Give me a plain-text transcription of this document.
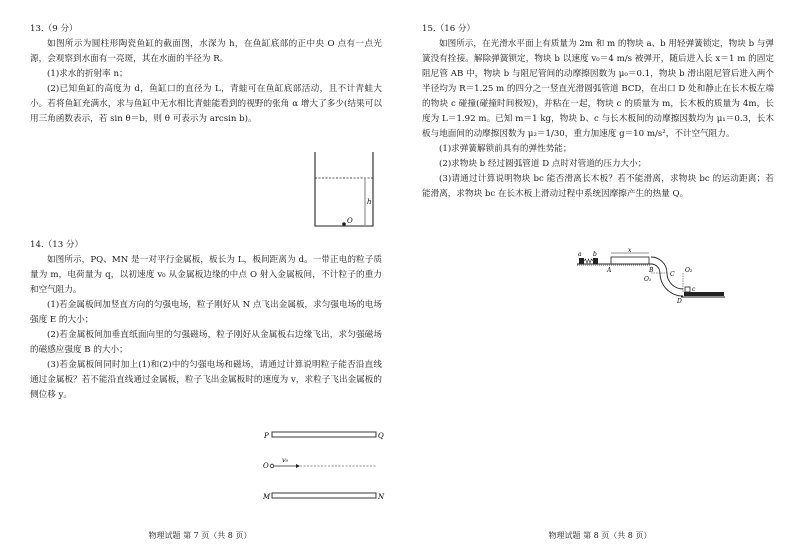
13.（9 分）

如图所示为圆柱形陶瓷鱼缸的截面图，水深为 h，在鱼缸底部的正中央 O 点有一点光源，会观察到水面有一亮斑，其在水面的半径为 R。

(1)求水的折射率 n；

(2)已知鱼缸的高度为 d，鱼缸口的直径为 L，青蛙可在鱼缸底部活动，且不计青蛙大小。若将鱼缸充满水，求与鱼缸中无水相比青蛙能看到的视野的张角 α 增大了多少(结果可以用三角函数表示，若 sin θ＝b，则 θ 可表示为 arcsin b)。

h
O

14.（13 分）

如图所示，PQ、MN 是一对平行金属板，板长为 L，板间距离为 d。一带正电的粒子质量为 m，电荷量为 q，以初速度 v₀ 从金属板边缘的中点 O 射入金属板间，不计粒子的重力和空气阻力。

(1)若金属板间加竖直方向的匀强电场，粒子刚好从 N 点飞出金属板，求匀强电场的电场强度 E 的大小；

(2)若金属板间加垂直纸面向里的匀强磁场，粒子刚好从金属板右边缘飞出，求匀强磁场的磁感应强度 B 的大小；

(3)若金属板间同时加上(1)和(2)中的匀强电场和磁场，请通过计算说明粒子能否沿直线通过金属板？若不能沿直线通过金属板，粒子飞出金属板时的速度为 v，求粒子飞出金属板的侧位移 y。

P	Q
O
v₀
M	N
物理试题 第 7 页（共 8 页）

15.（16 分）

如图所示，在光滑水平面上有质量为 2m 和 m 的物块 a、b 用轻弹簧锁定，物块 b 与弹簧没有拴接。解除弹簧锁定，物块 b 以速度 v₀＝4 m/s 被弹开，随后进入长 x＝1 m 的固定阻尼管 AB 中，物块 b 与阻尼管间的动摩擦因数为 μ₀＝0.1，物块 b 滑出阻尼管后进入两个半径均为 R＝1.25 m 的四分之一竖直光滑圆弧管道 BCD，在出口 D 处和静止在长木板左端的物块 c 碰撞(碰撞时间极短)，并粘在一起，物块 c 的质量为 m，长木板的质量为 4m，长度为 L＝1.92 m。已知 m＝1 kg，物块 b、c 与长木板间的动摩擦因数均为 μ₁＝0.3，长木板与地面间的动摩擦因数为 μ₂＝1/30，重力加速度 g＝10 m/s²，不计空气阻力。

(1)求弹簧解锁前具有的弹性势能；

(2)求物块 b 经过圆弧管道 D 点时对管道的压力大小；

(3)请通过计算说明物块 bc 能否滑离长木板？若不能滑离，求物块 bc 的运动距离；若能滑离，求物块 bc 在长木板上滑动过程中系统因摩擦产生的热量 Q。

a b
A	B
x
O₁
O₂
C
D
c
物理试题 第 8 页（共 8 页）
